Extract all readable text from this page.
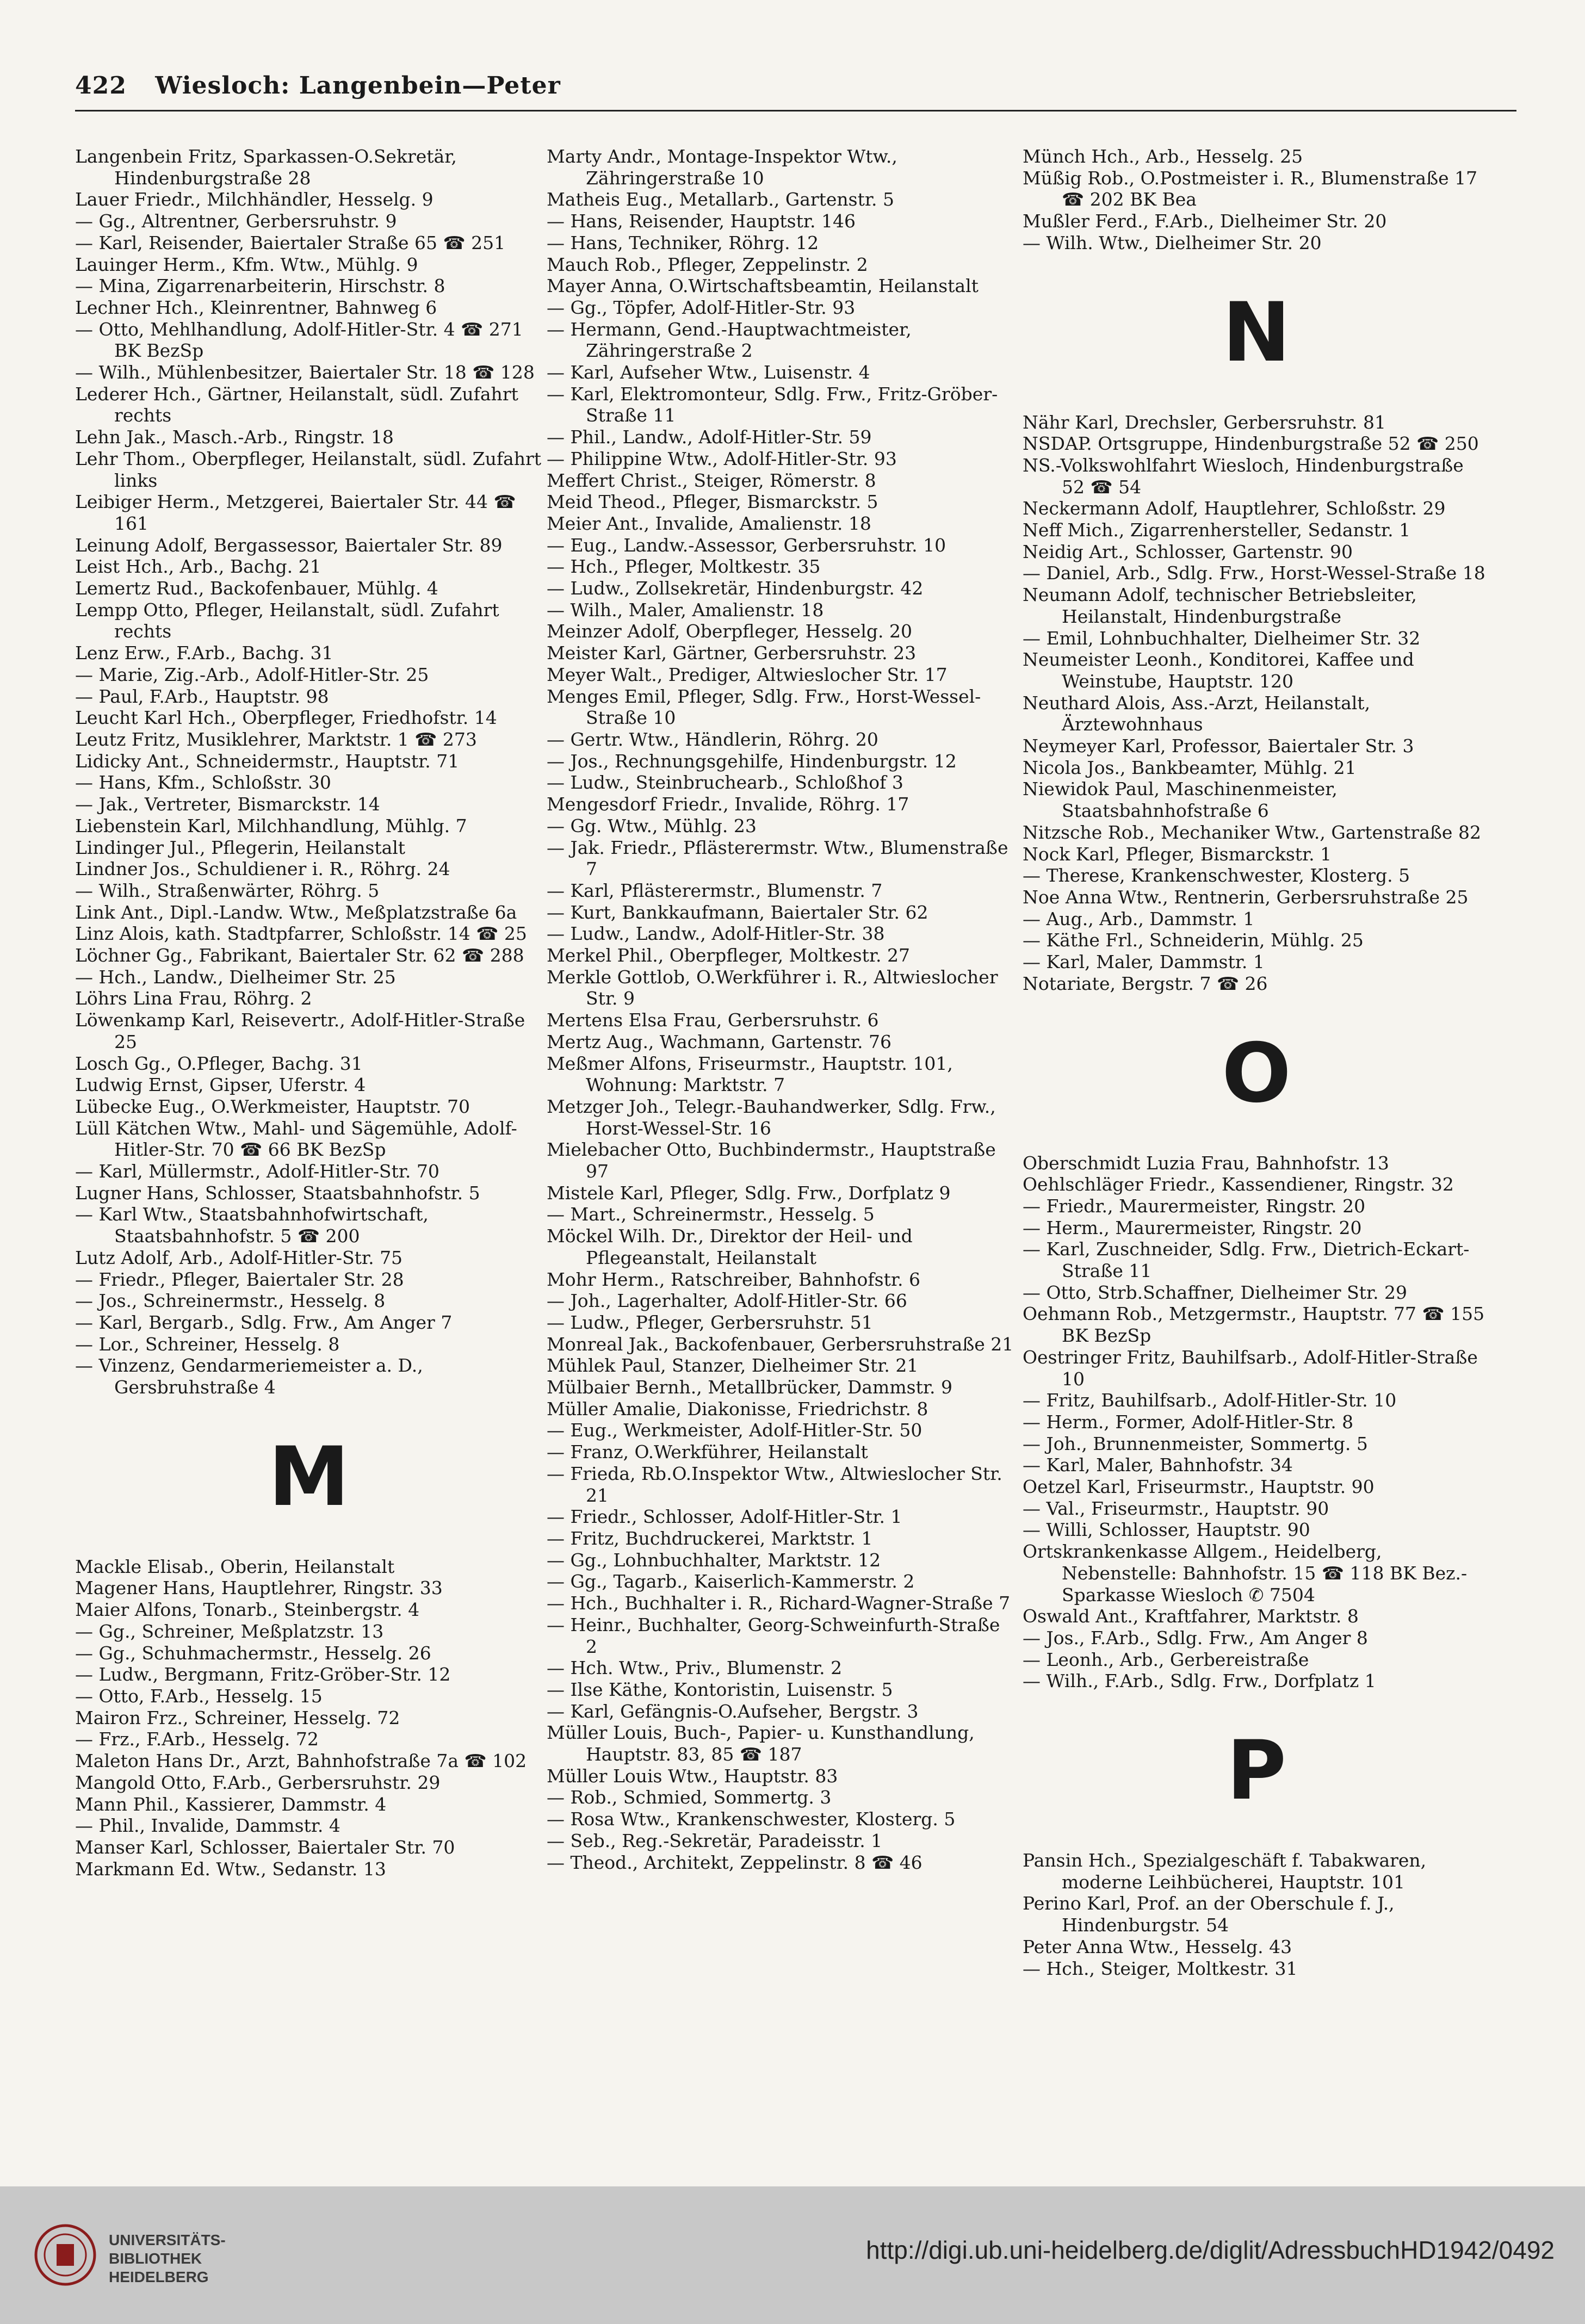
422 Wiesloch: Langenbein—Peter
Langenbein Fritz, Sparkassen-O.Sekretär, Hindenburgstraße 28
Lauer Friedr., Milchhändler, Hesselg. 9
— Gg., Altrentner, Gerbersruhstr. 9
— Karl, Reisender, Baiertaler Straße 65 ☎ 251
Lauinger Herm., Kfm. Wtw., Mühlg. 9
— Mina, Zigarrenarbeiterin, Hirschstr. 8
Lechner Hch., Kleinrentner, Bahnweg 6
— Otto, Mehlhandlung, Adolf-Hitler-Str. 4 ☎ 271 BK BezSp
— Wilh., Mühlenbesitzer, Baiertaler Str. 18 ☎ 128
Lederer Hch., Gärtner, Heilanstalt, südl. Zufahrt rechts
Lehn Jak., Masch.-Arb., Ringstr. 18
Lehr Thom., Oberpfleger, Heilanstalt, südl. Zufahrt links
Leibiger Herm., Metzgerei, Baiertaler Str. 44 ☎ 161
Leinung Adolf, Bergassessor, Baiertaler Str. 89
Leist Hch., Arb., Bachg. 21
Lemertz Rud., Backofenbauer, Mühlg. 4
Lempp Otto, Pfleger, Heilanstalt, südl. Zufahrt rechts
Lenz Erw., F.Arb., Bachg. 31
— Marie, Zig.-Arb., Adolf-Hitler-Str. 25
— Paul, F.Arb., Hauptstr. 98
Leucht Karl Hch., Oberpfleger, Friedhofstr. 14
Leutz Fritz, Musiklehrer, Marktstr. 1 ☎ 273
Lidicky Ant., Schneidermstr., Hauptstr. 71
— Hans, Kfm., Schloßstr. 30
— Jak., Vertreter, Bismarckstr. 14
Liebenstein Karl, Milchhandlung, Mühlg. 7
Lindinger Jul., Pflegerin, Heilanstalt
Lindner Jos., Schuldiener i. R., Röhrg. 24
— Wilh., Straßenwärter, Röhrg. 5
Link Ant., Dipl.-Landw. Wtw., Meßplatzstraße 6a
Linz Alois, kath. Stadtpfarrer, Schloßstr. 14 ☎ 25
Löchner Gg., Fabrikant, Baiertaler Str. 62 ☎ 288
— Hch., Landw., Dielheimer Str. 25
Löhrs Lina Frau, Röhrg. 2
Löwenkamp Karl, Reisevertr., Adolf-Hitler-Straße 25
Losch Gg., O.Pfleger, Bachg. 31
Ludwig Ernst, Gipser, Uferstr. 4
Lübecke Eug., O.Werkmeister, Hauptstr. 70
Lüll Kätchen Wtw., Mahl- und Sägemühle, Adolf-Hitler-Str. 70 ☎ 66 BK BezSp
— Karl, Müllermstr., Adolf-Hitler-Str. 70
Lugner Hans, Schlosser, Staatsbahnhofstr. 5
— Karl Wtw., Staatsbahnhofwirtschaft, Staatsbahnhofstr. 5 ☎ 200
Lutz Adolf, Arb., Adolf-Hitler-Str. 75
— Friedr., Pfleger, Baiertaler Str. 28
— Jos., Schreinermstr., Hesselg. 8
— Karl, Bergarb., Sdlg. Frw., Am Anger 7
— Lor., Schreiner, Hesselg. 8
— Vinzenz, Gendarmeriemeister a. D., Gersbruhstraße 4
M
Mackle Elisab., Oberin, Heilanstalt
Magener Hans, Hauptlehrer, Ringstr. 33
Maier Alfons, Tonarb., Steinbergstr. 4
— Gg., Schreiner, Meßplatzstr. 13
— Gg., Schuhmachermstr., Hesselg. 26
— Ludw., Bergmann, Fritz-Gröber-Str. 12
— Otto, F.Arb., Hesselg. 15
Mairon Frz., Schreiner, Hesselg. 72
— Frz., F.Arb., Hesselg. 72
Maleton Hans Dr., Arzt, Bahnhofstraße 7a ☎ 102
Mangold Otto, F.Arb., Gerbersruhstr. 29
Mann Phil., Kassierer, Dammstr. 4
— Phil., Invalide, Dammstr. 4
Manser Karl, Schlosser, Baiertaler Str. 70
Markmann Ed. Wtw., Sedanstr. 13
Marty Andr., Montage-Inspektor Wtw., Zähringerstraße 10
Matheis Eug., Metallarb., Gartenstr. 5
— Hans, Reisender, Hauptstr. 146
— Hans, Techniker, Röhrg. 12
Mauch Rob., Pfleger, Zeppelinstr. 2
Mayer Anna, O.Wirtschaftsbeamtin, Heilanstalt
— Gg., Töpfer, Adolf-Hitler-Str. 93
— Hermann, Gend.-Hauptwachtmeister, Zähringerstraße 2
— Karl, Aufseher Wtw., Luisenstr. 4
— Karl, Elektromonteur, Sdlg. Frw., Fritz-Gröber-Straße 11
— Phil., Landw., Adolf-Hitler-Str. 59
— Philippine Wtw., Adolf-Hitler-Str. 93
Meffert Christ., Steiger, Römerstr. 8
Meid Theod., Pfleger, Bismarckstr. 5
Meier Ant., Invalide, Amalienstr. 18
— Eug., Landw.-Assessor, Gerbersruhstr. 10
— Hch., Pfleger, Moltkestr. 35
— Ludw., Zollsekretär, Hindenburgstr. 42
— Wilh., Maler, Amalienstr. 18
Meinzer Adolf, Oberpfleger, Hesselg. 20
Meister Karl, Gärtner, Gerbersruhstr. 23
Meyer Walt., Prediger, Altwieslocher Str. 17
Menges Emil, Pfleger, Sdlg. Frw., Horst-Wessel-Straße 10
— Gertr. Wtw., Händlerin, Röhrg. 20
— Jos., Rechnungsgehilfe, Hindenburgstr. 12
— Ludw., Steinbruchearb., Schloßhof 3
Mengesdorf Friedr., Invalide, Röhrg. 17
— Gg. Wtw., Mühlg. 23
— Jak. Friedr., Pflästerermstr. Wtw., Blumenstraße 7
— Karl, Pflästerermstr., Blumenstr. 7
— Kurt, Bankkaufmann, Baiertaler Str. 62
— Ludw., Landw., Adolf-Hitler-Str. 38
Merkel Phil., Oberpfleger, Moltkestr. 27
Merkle Gottlob, O.Werkführer i. R., Altwieslocher Str. 9
Mertens Elsa Frau, Gerbersruhstr. 6
Mertz Aug., Wachmann, Gartenstr. 76
Meßmer Alfons, Friseurmstr., Hauptstr. 101, Wohnung: Marktstr. 7
Metzger Joh., Telegr.-Bauhandwerker, Sdlg. Frw., Horst-Wessel-Str. 16
Mielebacher Otto, Buchbindermstr., Hauptstraße 97
Mistele Karl, Pfleger, Sdlg. Frw., Dorfplatz 9
— Mart., Schreinermstr., Hesselg. 5
Möckel Wilh. Dr., Direktor der Heil- und Pflegeanstalt, Heilanstalt
Mohr Herm., Ratschreiber, Bahnhofstr. 6
— Joh., Lagerhalter, Adolf-Hitler-Str. 66
— Ludw., Pfleger, Gerbersruhstr. 51
Monreal Jak., Backofenbauer, Gerbersruhstraße 21
Mühlek Paul, Stanzer, Dielheimer Str. 21
Mülbaier Bernh., Metallbrücker, Dammstr. 9
Müller Amalie, Diakonisse, Friedrichstr. 8
— Eug., Werkmeister, Adolf-Hitler-Str. 50
— Franz, O.Werkführer, Heilanstalt
— Frieda, Rb.O.Inspektor Wtw., Altwieslocher Str. 21
— Friedr., Schlosser, Adolf-Hitler-Str. 1
— Fritz, Buchdruckerei, Marktstr. 1
— Gg., Lohnbuchhalter, Marktstr. 12
— Gg., Tagarb., Kaiserlich-Kammerstr. 2
— Hch., Buchhalter i. R., Richard-Wagner-Straße 7
— Heinr., Buchhalter, Georg-Schweinfurth-Straße 2
— Hch. Wtw., Priv., Blumenstr. 2
— Ilse Käthe, Kontoristin, Luisenstr. 5
— Karl, Gefängnis-O.Aufseher, Bergstr. 3
Müller Louis, Buch-, Papier- u. Kunsthandlung, Hauptstr. 83, 85 ☎ 187
Müller Louis Wtw., Hauptstr. 83
— Rob., Schmied, Sommertg. 3
— Rosa Wtw., Krankenschwester, Klosterg. 5
— Seb., Reg.-Sekretär, Paradeisstr. 1
— Theod., Architekt, Zeppelinstr. 8 ☎ 46
Münch Hch., Arb., Hesselg. 25
Müßig Rob., O.Postmeister i. R., Blumenstraße 17 ☎ 202 BK Bea
Mußler Ferd., F.Arb., Dielheimer Str. 20
— Wilh. Wtw., Dielheimer Str. 20
N
Nähr Karl, Drechsler, Gerbersruhstr. 81
NSDAP. Ortsgruppe, Hindenburgstraße 52 ☎ 250
NS.-Volkswohlfahrt Wiesloch, Hindenburgstraße 52 ☎ 54
Neckermann Adolf, Hauptlehrer, Schloßstr. 29
Neff Mich., Zigarrenhersteller, Sedanstr. 1
Neidig Art., Schlosser, Gartenstr. 90
— Daniel, Arb., Sdlg. Frw., Horst-Wessel-Straße 18
Neumann Adolf, technischer Betriebsleiter, Heilanstalt, Hindenburgstraße
— Emil, Lohnbuchhalter, Dielheimer Str. 32
Neumeister Leonh., Konditorei, Kaffee und Weinstube, Hauptstr. 120
Neuthard Alois, Ass.-Arzt, Heilanstalt, Ärztewohnhaus
Neymeyer Karl, Professor, Baiertaler Str. 3
Nicola Jos., Bankbeamter, Mühlg. 21
Niewidok Paul, Maschinenmeister, Staatsbahnhofstraße 6
Nitzsche Rob., Mechaniker Wtw., Gartenstraße 82
Nock Karl, Pfleger, Bismarckstr. 1
— Therese, Krankenschwester, Klosterg. 5
Noe Anna Wtw., Rentnerin, Gerbersruhstraße 25
— Aug., Arb., Dammstr. 1
— Käthe Frl., Schneiderin, Mühlg. 25
— Karl, Maler, Dammstr. 1
Notariate, Bergstr. 7 ☎ 26
O
Oberschmidt Luzia Frau, Bahnhofstr. 13
Oehlschläger Friedr., Kassendiener, Ringstr. 32
— Friedr., Maurermeister, Ringstr. 20
— Herm., Maurermeister, Ringstr. 20
— Karl, Zuschneider, Sdlg. Frw., Dietrich-Eckart-Straße 11
— Otto, Strb.Schaffner, Dielheimer Str. 29
Oehmann Rob., Metzgermstr., Hauptstr. 77 ☎ 155 BK BezSp
Oestringer Fritz, Bauhilfsarb., Adolf-Hitler-Straße 10
— Fritz, Bauhilfsarb., Adolf-Hitler-Str. 10
— Herm., Former, Adolf-Hitler-Str. 8
— Joh., Brunnenmeister, Sommertg. 5
— Karl, Maler, Bahnhofstr. 34
Oetzel Karl, Friseurmstr., Hauptstr. 90
— Val., Friseurmstr., Hauptstr. 90
— Willi, Schlosser, Hauptstr. 90
Ortskrankenkasse Allgem., Heidelberg, Nebenstelle: Bahnhofstr. 15 ☎ 118 BK Bez.-Sparkasse Wiesloch ✆ 7504
Oswald Ant., Kraftfahrer, Marktstr. 8
— Jos., F.Arb., Sdlg. Frw., Am Anger 8
— Leonh., Arb., Gerbereistraße
— Wilh., F.Arb., Sdlg. Frw., Dorfplatz 1
P
Pansin Hch., Spezialgeschäft f. Tabakwaren, moderne Leihbücherei, Hauptstr. 101
Perino Karl, Prof. an der Oberschule f. J., Hindenburgstr. 54
Peter Anna Wtw., Hesselg. 43
— Hch., Steiger, Moltkestr. 31
UNIVERSITÄTS-
BIBLIOTHEK
HEIDELBERG
http://digi.ub.uni-heidelberg.de/diglit/AdressbuchHD1942/0492
